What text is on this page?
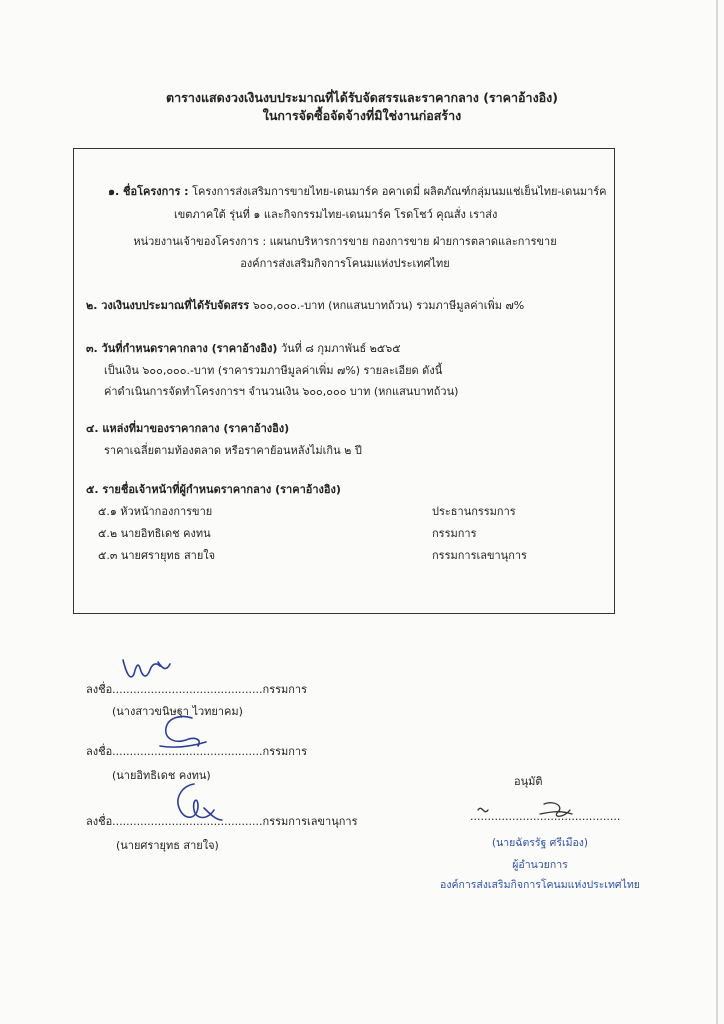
ตารางแสดงวงเงินงบประมาณที่ได้รับจัดสรรและราคากลาง (ราคาอ้างอิง)
ในการจัดซื้อจัดจ้างที่มิใช่งานก่อสร้าง
๑. ชื่อโครงการ : โครงการส่งเสริมการขายไทย-เดนมาร์ค อคาเดมี่ ผลิตภัณฑ์กลุ่มนมแช่เย็นไทย-เดนมาร์ค
เขตภาคใต้ รุ่นที่ ๑ และกิจกรรมไทย-เดนมาร์ค โรดโชว์ คุณสั่ง เราส่ง
หน่วยงานเจ้าของโครงการ : แผนกบริหารการขาย กองการขาย ฝ่ายการตลาดและการขาย
องค์การส่งเสริมกิจการโคนมแห่งประเทศไทย
๒. วงเงินงบประมาณที่ได้รับจัดสรร ๖๐๐,๐๐๐.-บาท (หกแสนบาทถ้วน) รวมภาษีมูลค่าเพิ่ม ๗%
๓. วันที่กำหนดราคากลาง (ราคาอ้างอิง) วันที่ ๘ กุมภาพันธ์ ๒๕๖๕
เป็นเงิน ๖๐๐,๐๐๐.-บาท (ราคารวมภาษีมูลค่าเพิ่ม ๗%) รายละเอียด ดังนี้
ค่าดำเนินการจัดทำโครงการฯ จำนวนเงิน ๖๐๐,๐๐๐ บาท (หกแสนบาทถ้วน)
๔. แหล่งที่มาของราคากลาง (ราคาอ้างอิง)
ราคาเฉลี่ยตามท้องตลาด หรือราคาย้อนหลังไม่เกิน ๒ ปี
๕. รายชื่อเจ้าหน้าที่ผู้กำหนดราคากลาง (ราคาอ้างอิง)
๕.๑ หัวหน้ากองการขาย	ประธานกรรมการ
๕.๒ นายอิทธิเดช คงทน	กรรมการ
๕.๓ นายศรายุทธ สายใจ	กรรมการเลขานุการ
ลงชื่อ...........................................กรรมการ
(นางสาวขนิษฐา ไวทยาคม)
ลงชื่อ...........................................กรรมการ
(นายอิทธิเดช คงทน)
ลงชื่อ...........................................กรรมการเลขานุการ
(นายศรายุทธ สายใจ)
อนุมัติ
...........................................
(นายฉัตรรัฐ ศรีเมือง)
ผู้อำนวยการ
องค์การส่งเสริมกิจการโคนมแห่งประเทศไทย
